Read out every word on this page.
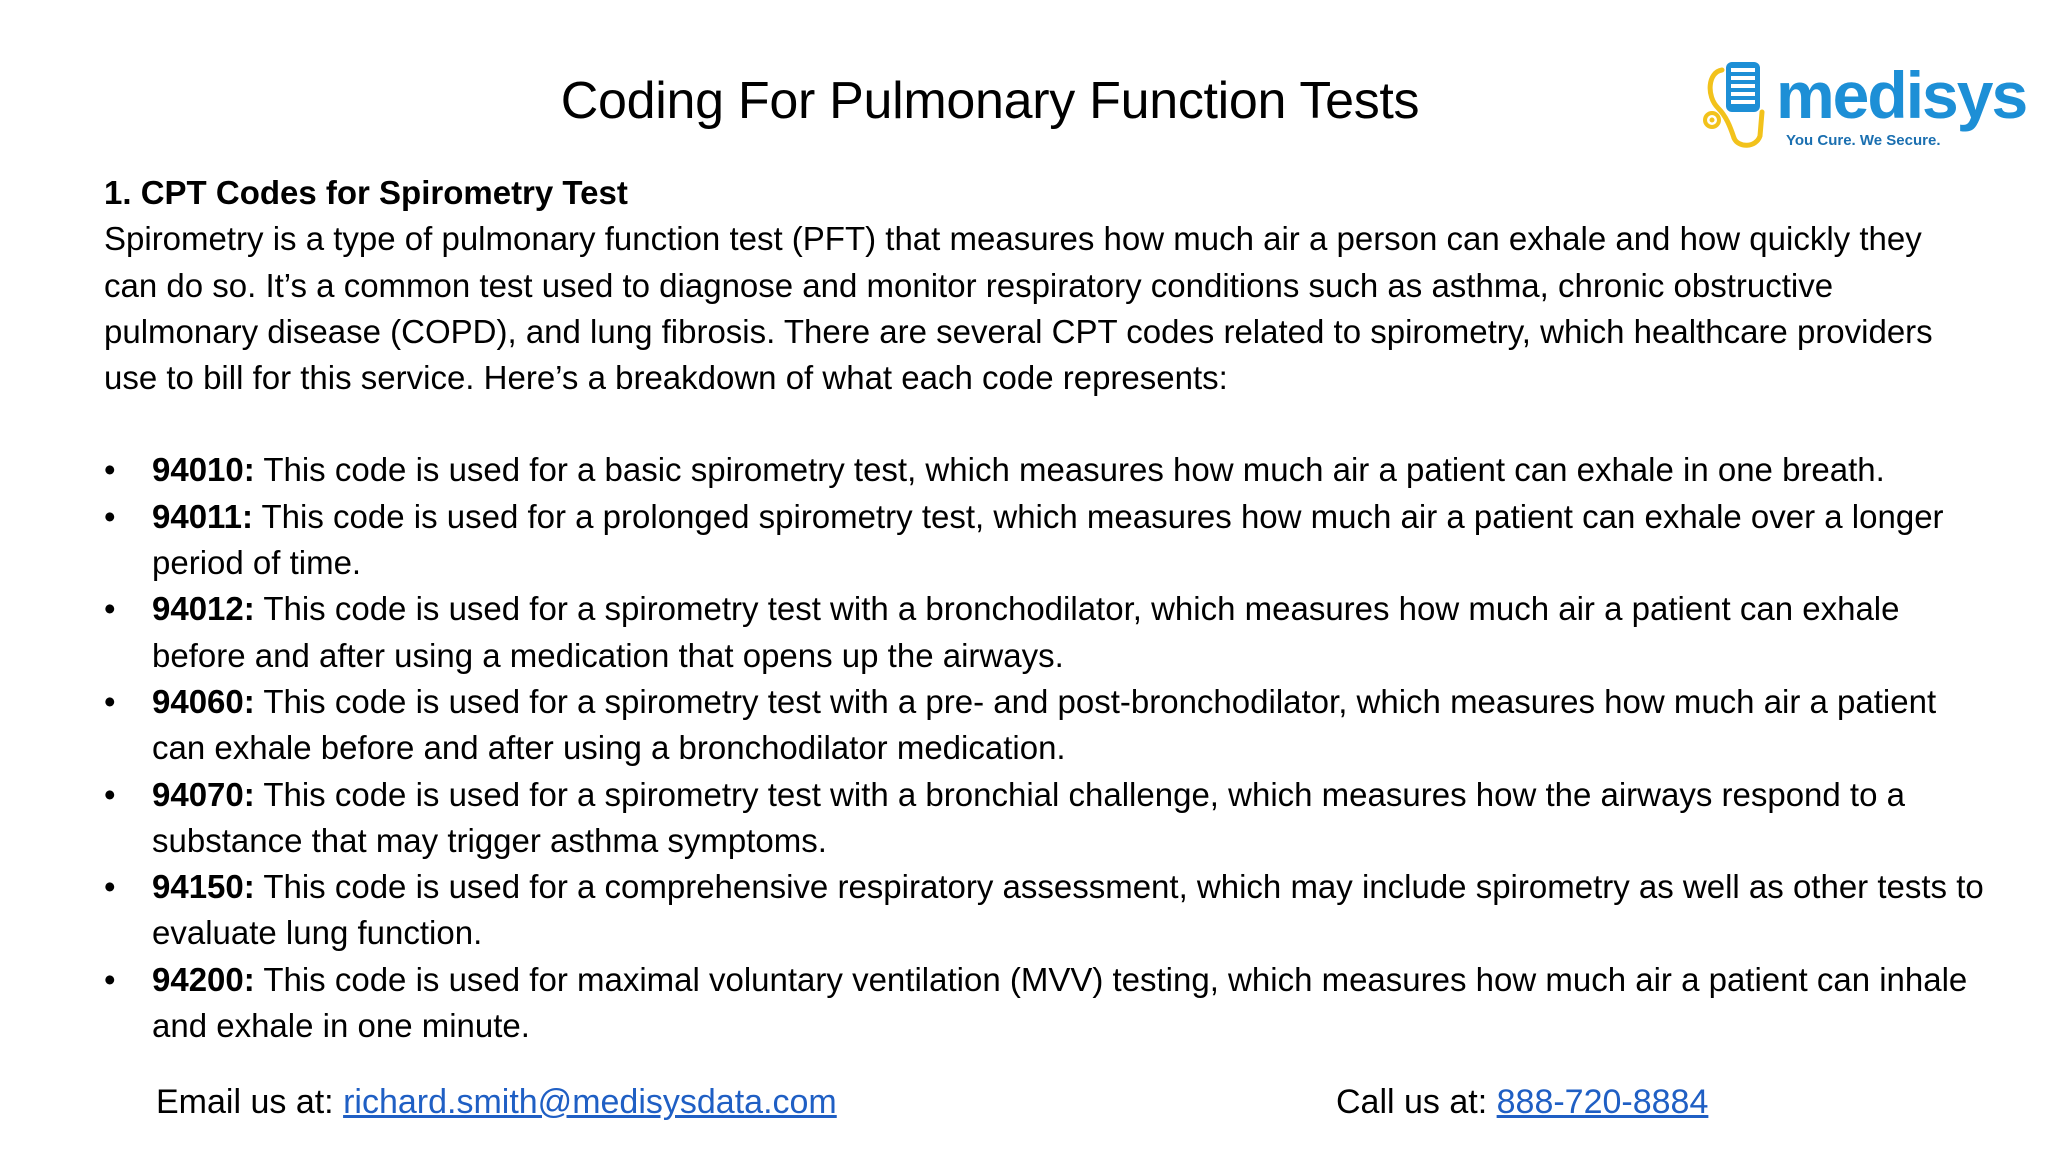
Coding For Pulmonary Function Tests	medisys
You Cure. We Secure.

1. CPT Codes for Spirometry Test

Spirometry is a type of pulmonary function test (PFT) that measures how much air a person can exhale and how quickly they can do so. It’s a common test used to diagnose and monitor respiratory conditions such as asthma, chronic obstructive pulmonary disease (COPD), and lung fibrosis. There are several CPT codes related to spirometry, which healthcare providers use to bill for this service. Here’s a breakdown of what each code represents:

• 94010: This code is used for a basic spirometry test, which measures how much air a patient can exhale in one breath.
• 94011: This code is used for a prolonged spirometry test, which measures how much air a patient can exhale over a longer period of time.
• 94012: This code is used for a spirometry test with a bronchodilator, which measures how much air a patient can exhale before and after using a medication that opens up the airways.
• 94060: This code is used for a spirometry test with a pre- and post-bronchodilator, which measures how much air a patient can exhale before and after using a bronchodilator medication.
• 94070: This code is used for a spirometry test with a bronchial challenge, which measures how the airways respond to a substance that may trigger asthma symptoms.
• 94150: This code is used for a comprehensive respiratory assessment, which may include spirometry as well as other tests to evaluate lung function.
• 94200: This code is used for maximal voluntary ventilation (MVV) testing, which measures how much air a patient can inhale and exhale in one minute.
Email us at: richard.smith@medisysdata.com	Call us at: 888-720-8884
